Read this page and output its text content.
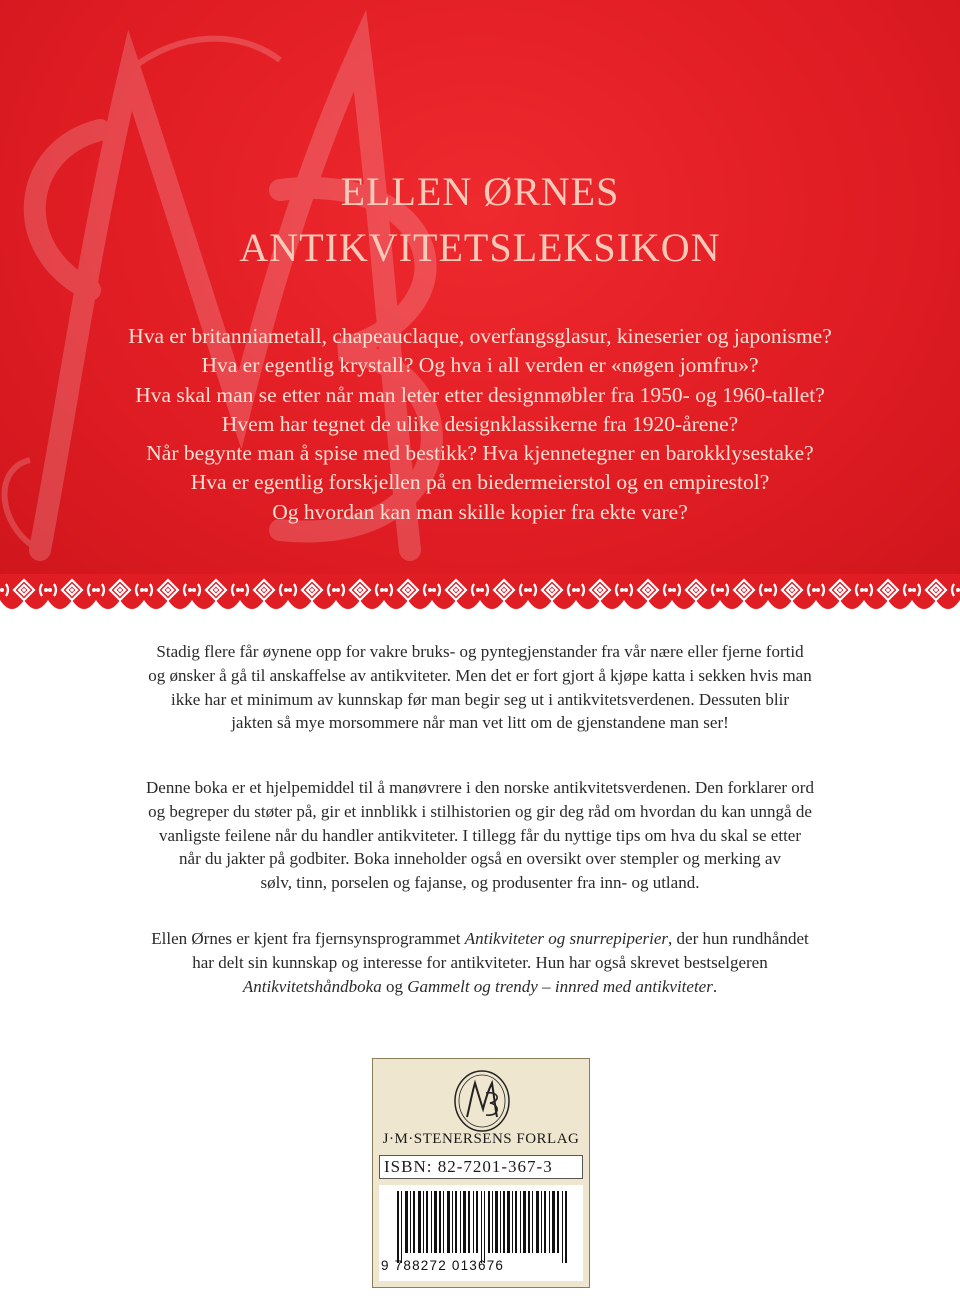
ELLEN ØRNES
ANTIKVITETSLEKSIKON
Hva er britanniametall, chapeauclaque, overfangsglasur, kineserier og japonisme?
Hva er egentlig krystall? Og hva i all verden er «nøgen jomfru»?
Hva skal man se etter når man leter etter designmøbler fra 1950- og 1960-tallet?
Hvem har tegnet de ulike designklassikerne fra 1920-årene?
Når begynte man å spise med bestikk? Hva kjennetegner en barokklysestake?
Hva er egentlig forskjellen på en biedermeierstol og en empirestol?
Og hvordan kan man skille kopier fra ekte vare?
Stadig flere får øynene opp for vakre bruks- og pyntegjenstander fra vår nære eller fjerne fortid
og ønsker å gå til anskaffelse av antikviteter. Men det er fort gjort å kjøpe katta i sekken hvis man
ikke har et minimum av kunnskap før man begir seg ut i antikvitetsverdenen. Dessuten blir
jakten så mye morsommere når man vet litt om de gjenstandene man ser!
Denne boka er et hjelpemiddel til å manøvrere i den norske antikvitetsverdenen. Den forklarer ord
og begreper du støter på, gir et innblikk i stilhistorien og gir deg råd om hvordan du kan unngå de
vanligste feilene når du handler antikviteter. I tillegg får du nyttige tips om hva du skal se etter
når du jakter på godbiter. Boka inneholder også en oversikt over stempler og merking av
sølv, tinn, porselen og fajanse, og produsenter fra inn- og utland.
Ellen Ørnes er kjent fra fjernsynsprogrammet Antikviteter og snurrepiperier, der hun rundhåndet
har delt sin kunnskap og interesse for antikviteter. Hun har også skrevet bestselgeren
Antikvitetshåndboka og Gammelt og trendy – innred med antikviteter.
J·M·STENERSENS FORLAG
ISBN: 82-7201-367-3
9 788272 013676
